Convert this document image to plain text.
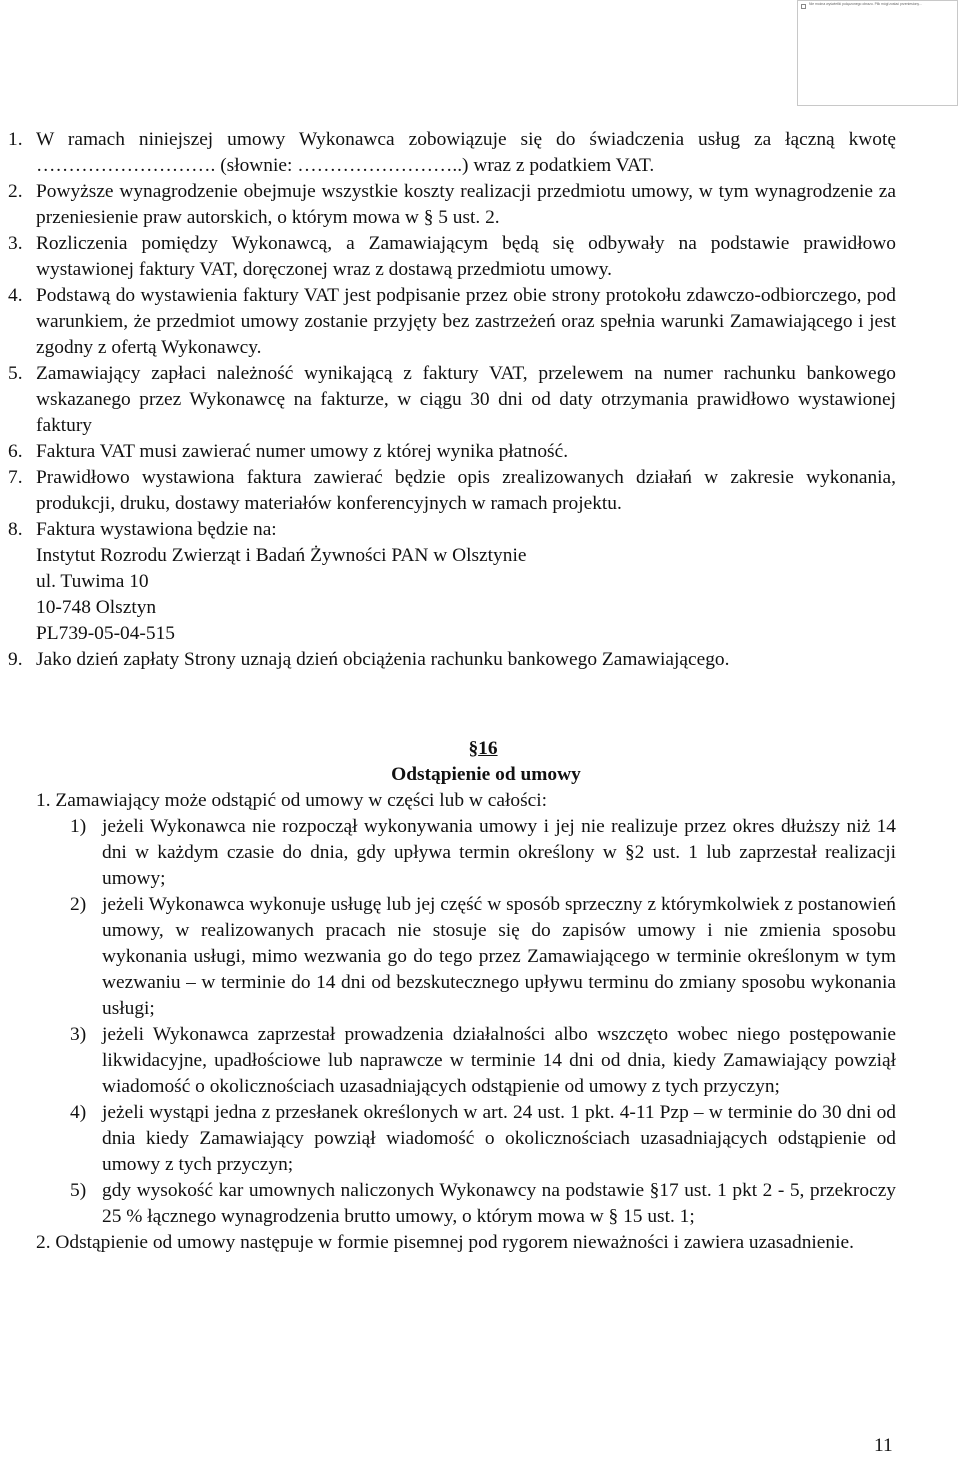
Nie można wyświetlić połączonego obrazu. Plik mógł zostać przeniesiony...
1. W ramach niniejszej umowy Wykonawca zobowiązuje się do świadczenia usług za łączną kwotę ………………………. (słownie: ……………………..) wraz z podatkiem VAT.
2. Powyższe wynagrodzenie obejmuje wszystkie koszty realizacji przedmiotu umowy, w tym wynagrodzenie za przeniesienie praw autorskich, o którym mowa w § 5 ust. 2.
3. Rozliczenia pomiędzy Wykonawcą, a Zamawiającym będą się odbywały na podstawie prawidłowo wystawionej faktury VAT, doręczonej wraz z dostawą przedmiotu umowy.
4. Podstawą do wystawienia faktury VAT jest podpisanie przez obie strony protokołu zdawczo-odbiorczego, pod warunkiem, że przedmiot umowy zostanie przyjęty bez zastrzeżeń oraz spełnia warunki Zamawiającego i jest zgodny z ofertą Wykonawcy.
5. Zamawiający zapłaci należność wynikającą z faktury VAT, przelewem na numer rachunku bankowego wskazanego przez Wykonawcę na fakturze, w ciągu 30 dni od daty otrzymania prawidłowo wystawionej faktury
6. Faktura VAT musi zawierać numer umowy z której wynika płatność.
7. Prawidłowo wystawiona faktura zawierać będzie opis zrealizowanych działań w zakresie wykonania, produkcji, druku, dostawy materiałów konferencyjnych w ramach projektu.
8. Faktura wystawiona będzie na:
Instytut Rozrodu Zwierząt i Badań Żywności PAN w Olsztynie
ul. Tuwima 10
10-748 Olsztyn
PL739-05-04-515
9. Jako dzień zapłaty Strony uznają dzień obciążenia rachunku bankowego Zamawiającego.
§16
Odstąpienie od umowy

1. Zamawiający może odstąpić od umowy w części lub w całości:

1) jeżeli Wykonawca nie rozpoczął wykonywania umowy i jej nie realizuje przez okres dłuższy niż 14 dni w każdym czasie do dnia, gdy upływa termin określony w §2 ust. 1 lub zaprzestał realizacji umowy;
2) jeżeli Wykonawca wykonuje usługę lub jej część w sposób sprzeczny z którymkolwiek z postanowień umowy, w realizowanych pracach nie stosuje się do zapisów umowy i nie zmienia sposobu wykonania usługi, mimo wezwania go do tego przez Zamawiającego w terminie określonym w tym wezwaniu – w terminie do 14 dni od bezskutecznego upływu terminu do zmiany sposobu wykonania usługi;
3) jeżeli Wykonawca zaprzestał prowadzenia działalności albo wszczęto wobec niego postępowanie likwidacyjne, upadłościowe lub naprawcze w terminie 14 dni od dnia, kiedy Zamawiający powziął wiadomość o okolicznościach uzasadniających odstąpienie od umowy z tych przyczyn;
4) jeżeli wystąpi jedna z przesłanek określonych w art. 24 ust. 1 pkt. 4-11 Pzp – w terminie do 30 dni od dnia kiedy Zamawiający powziął wiadomość o okolicznościach uzasadniających odstąpienie od umowy z tych przyczyn;
5) gdy wysokość kar umownych naliczonych Wykonawcy na podstawie §17 ust. 1 pkt 2 - 5, przekroczy 25 % łącznego wynagrodzenia brutto umowy, o którym mowa w § 15 ust. 1;

2. Odstąpienie od umowy następuje w formie pisemnej pod rygorem nieważności i zawiera uzasadnienie.

11
